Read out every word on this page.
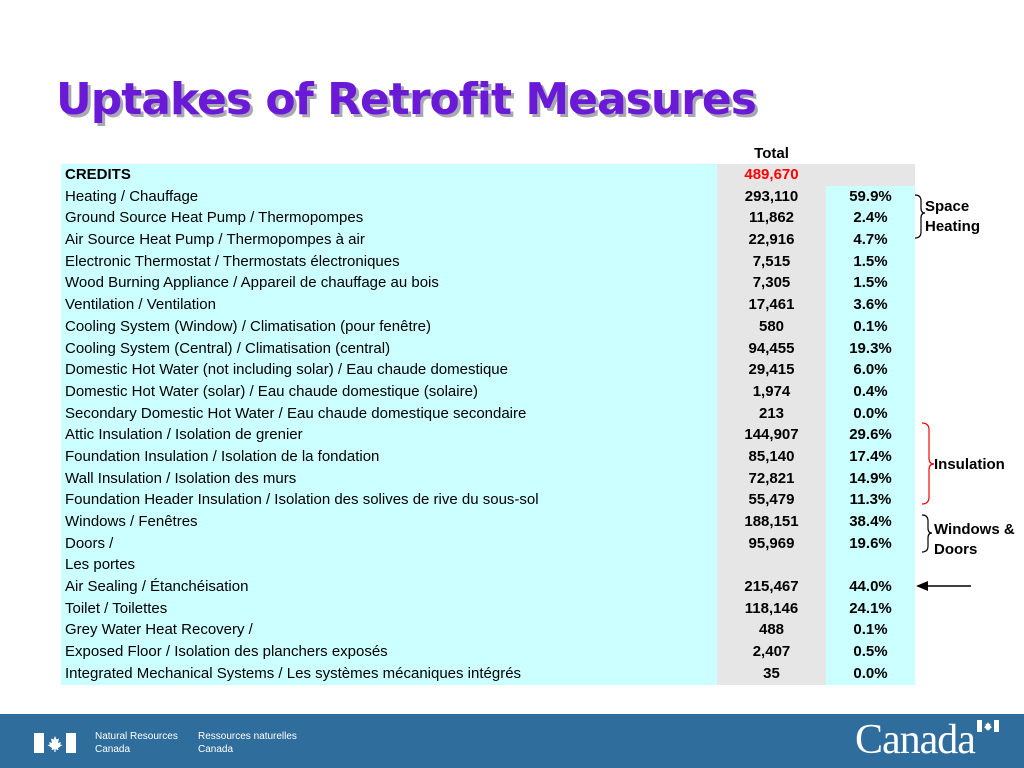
Uptakes of Retrofit Measures
Total
CREDITS	489,670
Heating / Chauffage	293,110	59.9%
Ground Source Heat Pump / Thermopompes	11,862	2.4%
Air Source Heat Pump / Thermopompes à air	22,916	4.7%
Electronic Thermostat / Thermostats électroniques	7,515	1.5%
Wood Burning Appliance / Appareil de chauffage au bois	7,305	1.5%
Ventilation / Ventilation	17,461	3.6%
Cooling System (Window) / Climatisation (pour fenêtre)	580	0.1%
Cooling System (Central) / Climatisation (central)	94,455	19.3%
Domestic Hot Water (not including solar) / Eau chaude domestique	29,415	6.0%
Domestic Hot Water (solar) / Eau chaude domestique (solaire)	1,974	0.4%
Secondary Domestic Hot Water / Eau chaude domestique secondaire	213	0.0%
Attic Insulation / Isolation de grenier	144,907	29.6%
Foundation Insulation / Isolation de la fondation	85,140	17.4%
Wall Insulation / Isolation des murs	72,821	14.9%
Foundation Header Insulation / Isolation des solives de rive du sous-sol	55,479	11.3%
Windows / Fenêtres	188,151	38.4%
Doors /	95,969	19.6%
Les portes
Air Sealing / Étanchéisation	215,467	44.0%
Toilet / Toilettes	118,146	24.1%
Grey Water Heat Recovery /	488	0.1%
Exposed Floor / Isolation des planchers exposés	2,407	0.5%
Integrated Mechanical Systems / Les systèmes mécaniques intégrés	35	0.0%
Space
Heating
Insulation
Windows &
Doors
Natural Resources
Canada
Ressources naturelles
Canada	Canada
